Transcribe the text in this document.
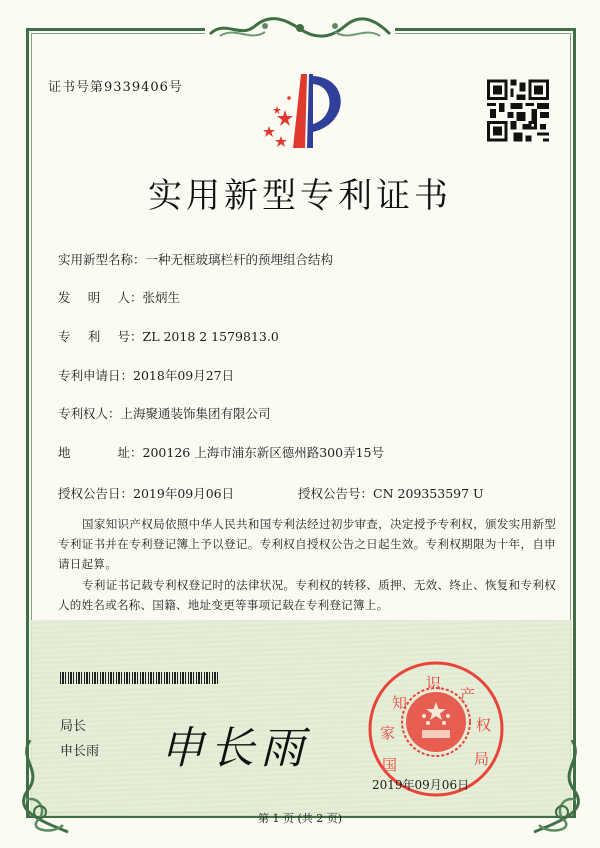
证书号第9339406号
实用新型专利证书
实用新型名称：一种无框玻璃栏杆的预埋组合结构
发 明 人 ：张炳生
专 利 号 ：ZL 2018 2 1579813.0
专利申请日：2018年09月27日
专利权人：上海聚通装饰集团有限公司
地	址 ：200126 上海市浦东新区德州路300弄15号
授权公告日：2019年09月06日	授权公告号：CN 209353597 U
国家知识产权局依照中华人民共和国专利法经过初步审查，决定授予专利权，颁发实用新型专利证书并在专利登记簿上予以登记。专利权自授权公告之日起生效。专利权期限为十年，自申请日起算。
专利证书记载专利权登记时的法律状况。专利权的转移、质押、无效、终止、恢复和专利权人的姓名或名称、国籍、地址变更等事项记载在专利登记簿上。
局长
申长雨 申长雨	国
家
知
识
产
权
局
2019年09月06日
第 1 页 (共 2 页)
